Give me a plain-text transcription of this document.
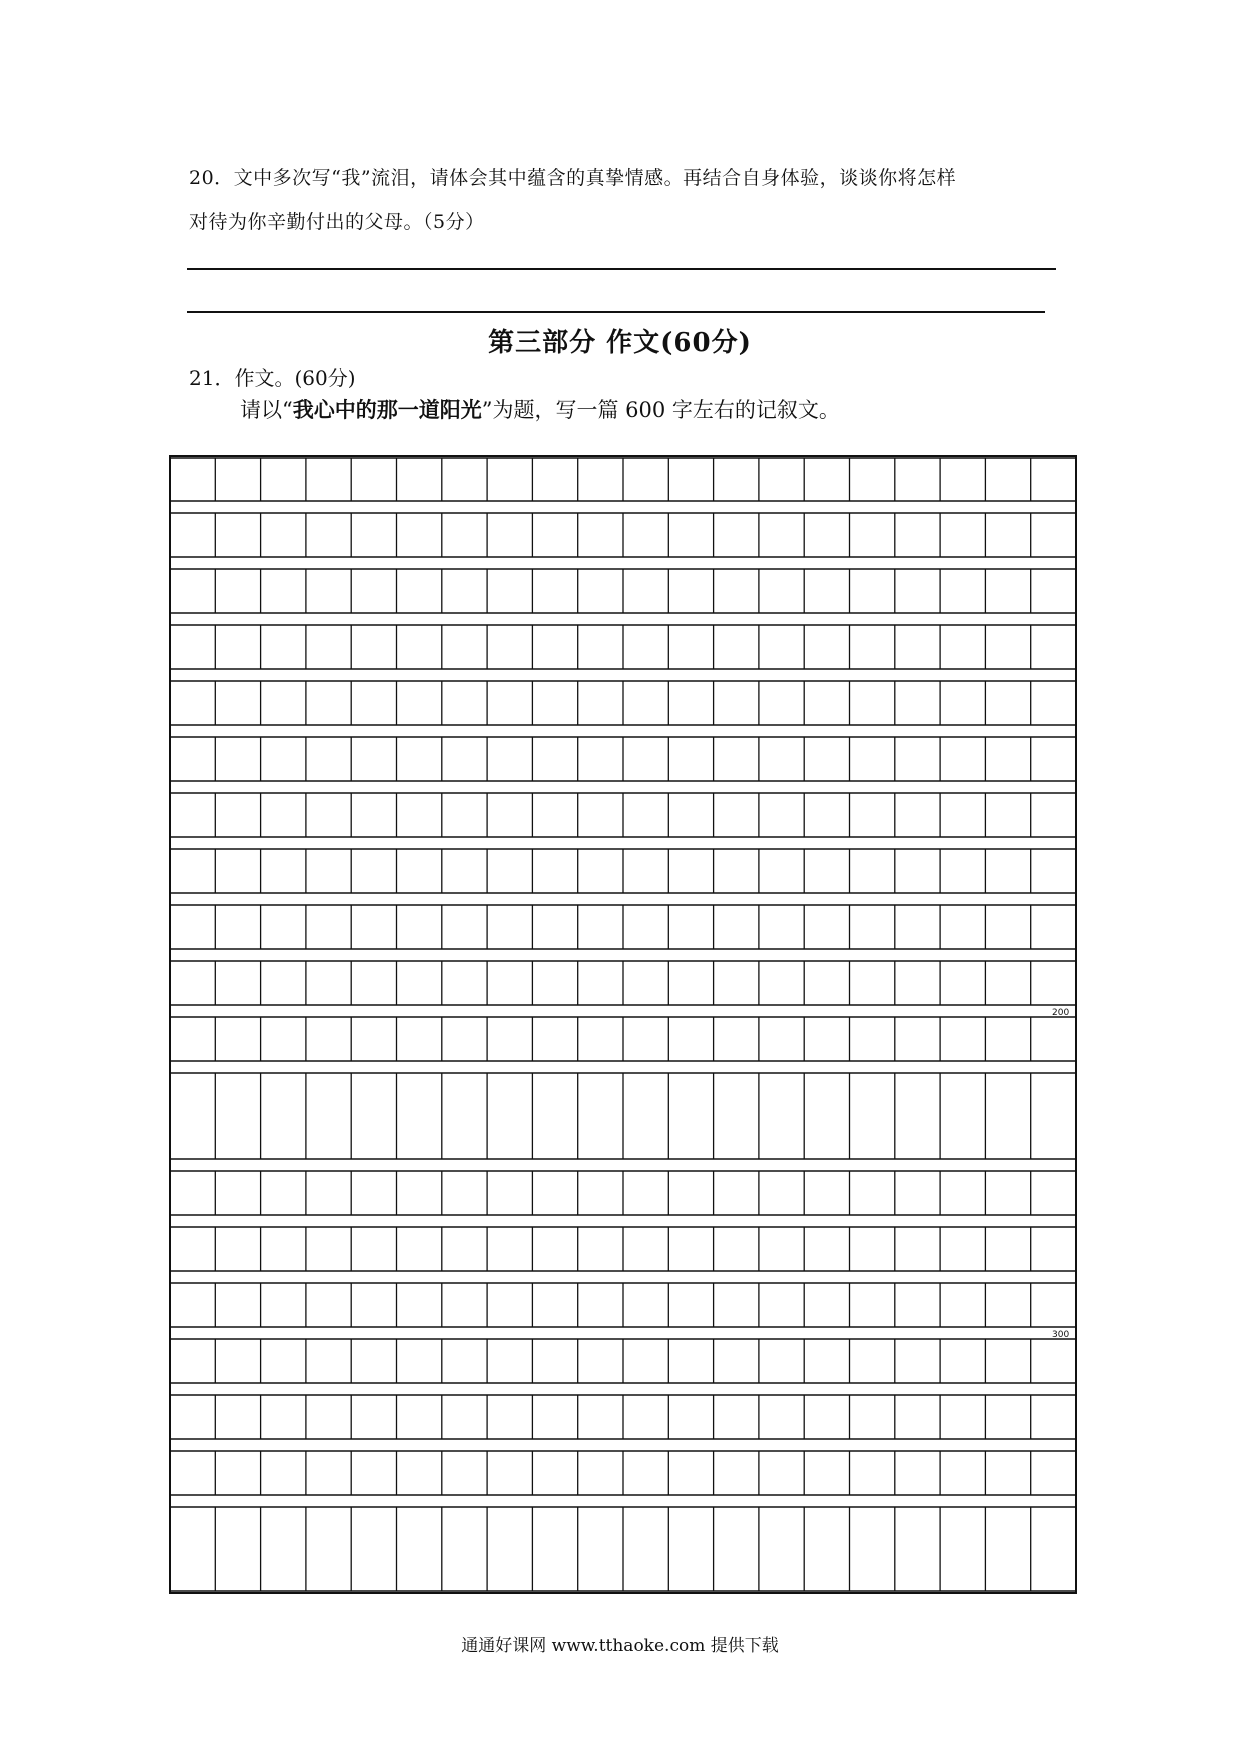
20．文中多次写“我”流泪，请体会其中蕴含的真挚情感。再结合自身体验，谈谈你将怎样
对待为你辛勤付出的父母。（5分）
第三部分 作文(60分)
21．作文。(60分)
请以“我心中的那一道阳光”为题，写一篇 600 字左右的记叙文。
200
300
通通好课网 www.tthaoke.com 提供下载
